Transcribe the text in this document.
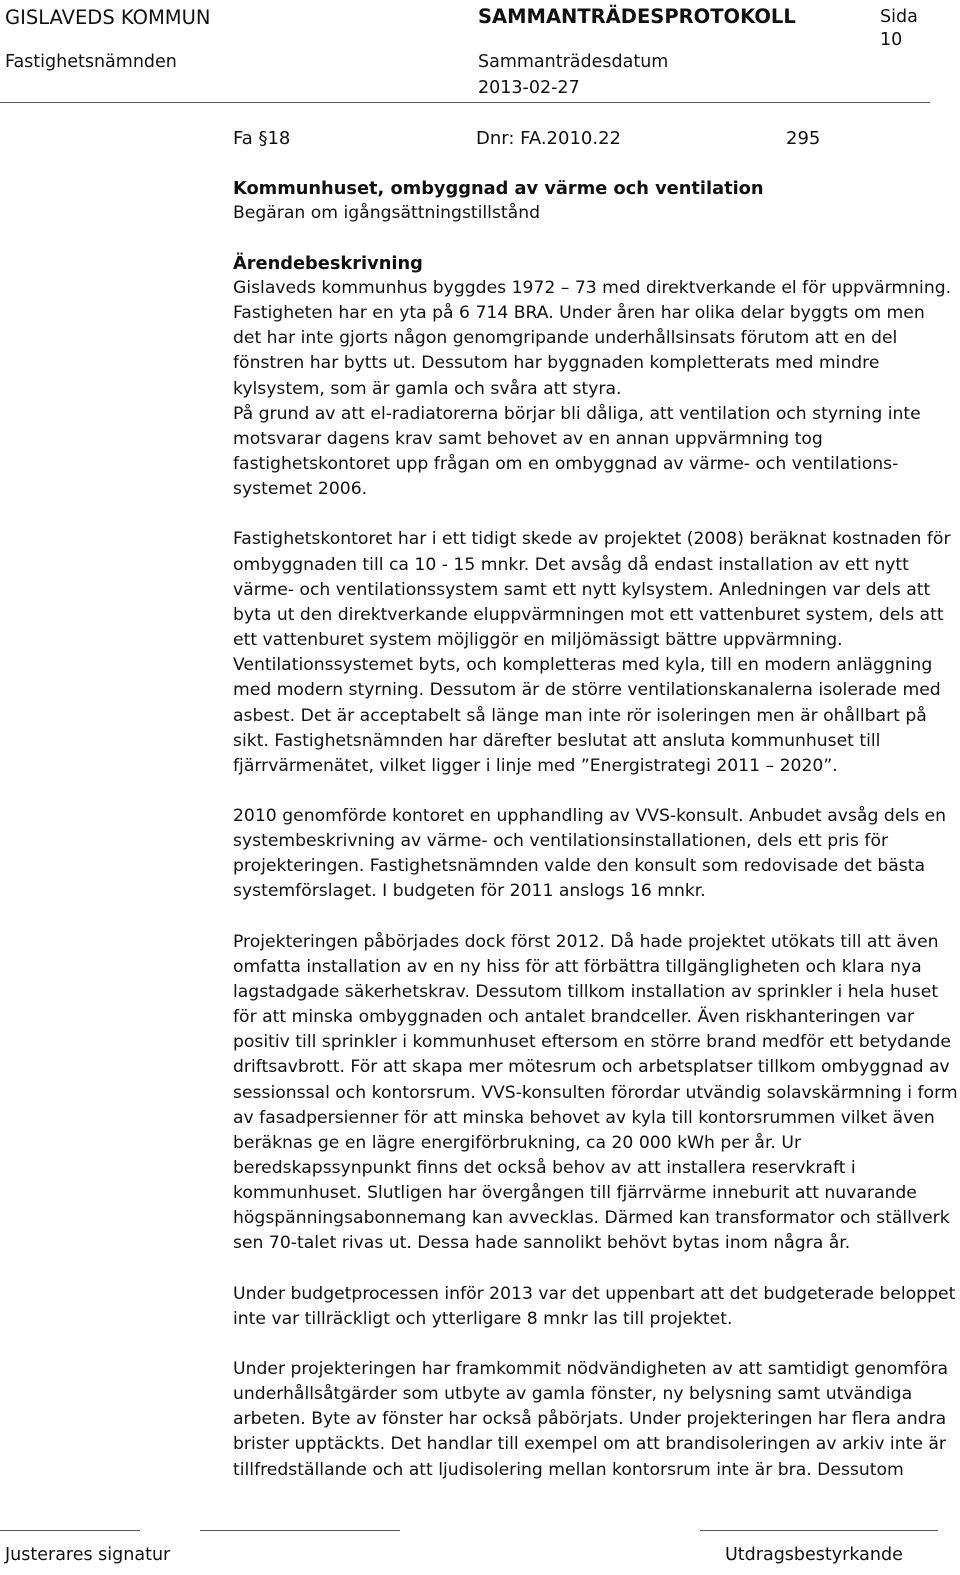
GISLAVEDS KOMMUN	SAMMANTRÄDESPROTOKOLL	Sida
10
Fastighetsnämnden	Sammanträdesdatum
2013-02-27
Fa §18	Dnr: FA.2010.22	295
Kommunhuset, ombyggnad av värme och ventilation
Begäran om igångsättningstillstånd
Ärendebeskrivning

Gislaveds kommunhus byggdes 1972 – 73 med direktverkande el för uppvärmning. Fastigheten har en yta på 6 714 BRA. Under åren har olika delar byggts om men det har inte gjorts någon genomgripande underhållsinsats förutom att en del fönstren har bytts ut. Dessutom har byggnaden kompletterats med mindre kylsystem, som är gamla och svåra att styra.

På grund av att el-radiatorerna börjar bli dåliga, att ventilation och styrning inte motsvarar dagens krav samt behovet av en annan uppvärmning tog fastighetskontoret upp frågan om en ombyggnad av värme- och ventilations-systemet 2006.

Fastighetskontoret har i ett tidigt skede av projektet (2008) beräknat kostnaden för ombyggnaden till ca 10 - 15 mnkr. Det avsåg då endast installation av ett nytt värme- och ventilationssystem samt ett nytt kylsystem. Anledningen var dels att byta ut den direktverkande eluppvärmningen mot ett vattenburet system, dels att ett vattenburet system möjliggör en miljömässigt bättre uppvärmning. Ventilationssystemet byts, och kompletteras med kyla, till en modern anläggning med modern styrning. Dessutom är de större ventilationskanalerna isolerade med asbest. Det är acceptabelt så länge man inte rör isoleringen men är ohållbart på sikt. Fastighetsnämnden har därefter beslutat att ansluta kommunhuset till fjärrvärmenätet, vilket ligger i linje med ”Energistrategi 2011 – 2020”.

2010 genomförde kontoret en upphandling av VVS-konsult. Anbudet avsåg dels en systembeskrivning av värme- och ventilationsinstallationen, dels ett pris för projekteringen. Fastighetsnämnden valde den konsult som redovisade det bästa systemförslaget. I budgeten för 2011 anslogs 16 mnkr.

Projekteringen påbörjades dock först 2012. Då hade projektet utökats till att även omfatta installation av en ny hiss för att förbättra tillgängligheten och klara nya lagstadgade säkerhetskrav. Dessutom tillkom installation av sprinkler i hela huset för att minska ombyggnaden och antalet brandceller. Även riskhanteringen var positiv till sprinkler i kommunhuset eftersom en större brand medför ett betydande driftsavbrott. För att skapa mer mötesrum och arbetsplatser tillkom ombyggnad av sessionssal och kontorsrum. VVS-konsulten förordar utvändig solavskärmning i form av fasadpersienner för att minska behovet av kyla till kontorsrummen vilket även beräknas ge en lägre energiförbrukning, ca 20 000 kWh per år. Ur beredskapssynpunkt finns det också behov av att installera reservkraft i kommunhuset. Slutligen har övergången till fjärrvärme inneburit att nuvarande högspänningsabonnemang kan avvecklas. Därmed kan transformator och ställverk sen 70-talet rivas ut. Dessa hade sannolikt behövt bytas inom några år.

Under budgetprocessen inför 2013 var det uppenbart att det budgeterade beloppet inte var tillräckligt och ytterligare 8 mnkr las till projektet.

Under projekteringen har framkommit nödvändigheten av att samtidigt genomföra underhållsåtgärder som utbyte av gamla fönster, ny belysning samt utvändiga arbeten. Byte av fönster har också påbörjats. Under projekteringen har flera andra brister upptäckts. Det handlar till exempel om att brandisoleringen av arkiv inte är tillfredställande och att ljudisolering mellan kontorsrum inte är bra. Dessutom

Justerares signatur	Utdragsbestyrkande
